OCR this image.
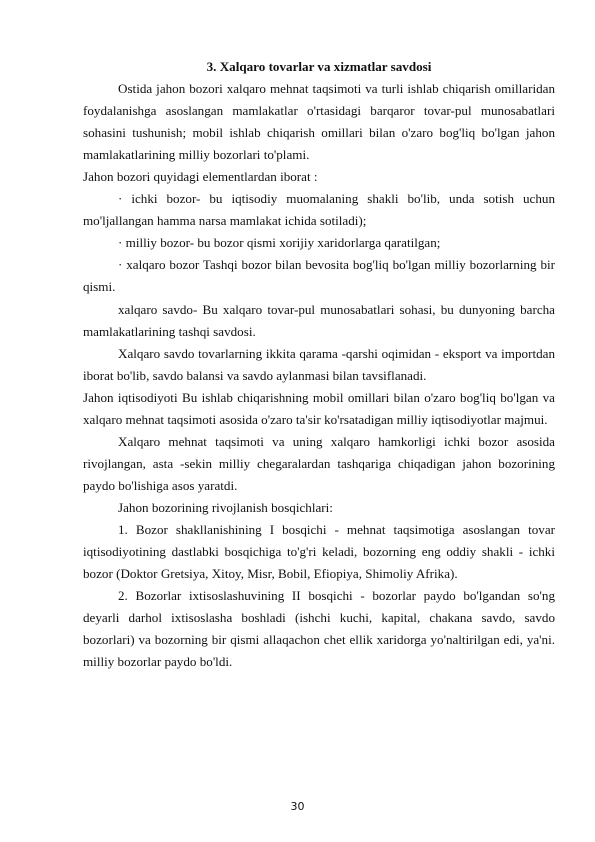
3. Xalqaro tovarlar va xizmatlar savdosi

Ostida jahon bozori xalqaro mehnat taqsimoti va turli ishlab chiqarish omillaridan foydalanishga asoslangan mamlakatlar o'rtasidagi barqaror tovar-pul munosabatlari sohasini tushunish; mobil ishlab chiqarish omillari bilan o'zaro bog'liq bo'lgan jahon mamlakatlarining milliy bozorlari to'plami.

Jahon bozori quyidagi elementlardan iborat :

· ichki bozor- bu iqtisodiy muomalaning shakli bo'lib, unda sotish uchun mo'ljallangan hamma narsa mamlakat ichida sotiladi);

· milliy bozor- bu bozor qismi xorijiy xaridorlarga qaratilgan;

· xalqaro bozor Tashqi bozor bilan bevosita bog'liq bo'lgan milliy bozorlarning bir qismi.

xalqaro savdo- Bu xalqaro tovar-pul munosabatlari sohasi, bu dunyoning barcha mamlakatlarining tashqi savdosi.

Xalqaro savdo tovarlarning ikkita qarama -qarshi oqimidan - eksport va importdan iborat bo'lib, savdo balansi va savdo aylanmasi bilan tavsiflanadi.

Jahon iqtisodiyoti Bu ishlab chiqarishning mobil omillari bilan o'zaro bog'liq bo'lgan va xalqaro mehnat taqsimoti asosida o'zaro ta'sir ko'rsatadigan milliy iqtisodiyotlar majmui.

Xalqaro mehnat taqsimoti va uning xalqaro hamkorligi ichki bozor asosida rivojlangan, asta -sekin milliy chegaralardan tashqariga chiqadigan jahon bozorining paydo bo'lishiga asos yaratdi.

Jahon bozorining rivojlanish bosqichlari:

1. Bozor shakllanishining I bosqichi - mehnat taqsimotiga asoslangan tovar iqtisodiyotining dastlabki bosqichiga to'g'ri keladi, bozorning eng oddiy shakli - ichki bozor (Doktor Gretsiya, Xitoy, Misr, Bobil, Efiopiya, Shimoliy Afrika).

2. Bozorlar ixtisoslashuvining II bosqichi - bozorlar paydo bo'lgandan so'ng deyarli darhol ixtisoslasha boshladi (ishchi kuchi, kapital, chakana savdo, savdo bozorlari) va bozorning bir qismi allaqachon chet ellik xaridorga yo'naltirilgan edi, ya'ni. milliy bozorlar paydo bo'ldi.

30
